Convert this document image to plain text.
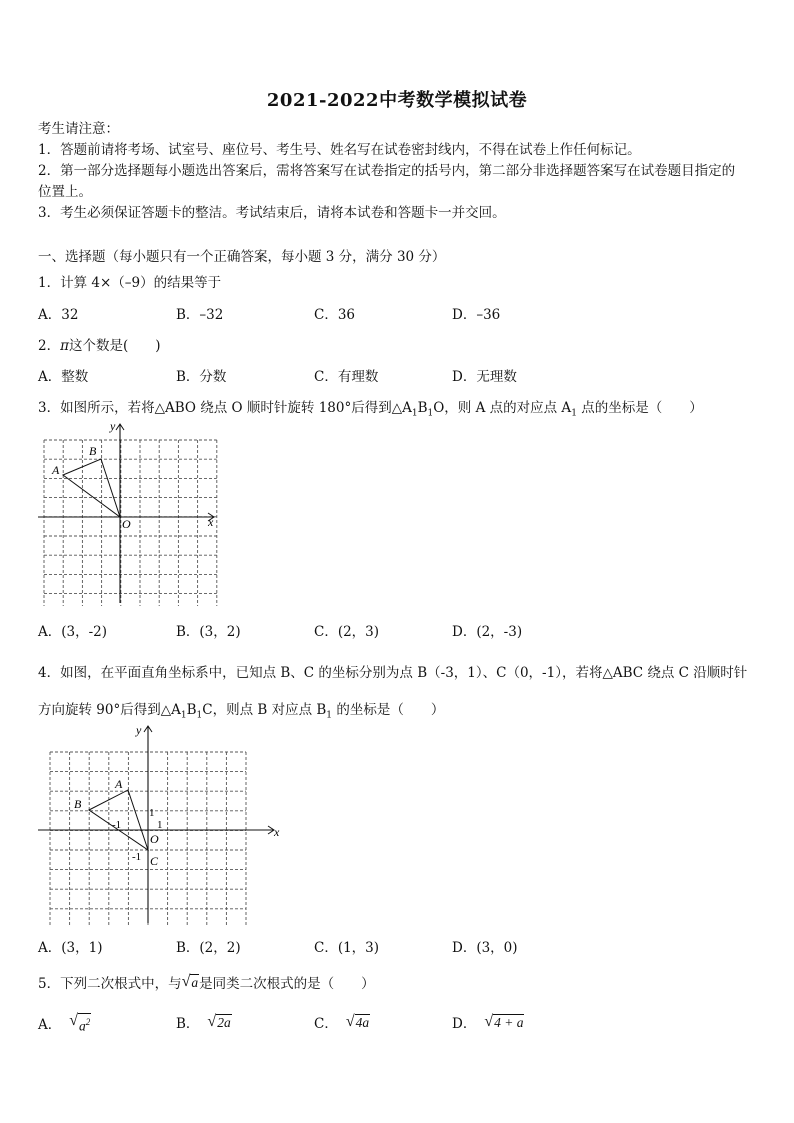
2021-2022中考数学模拟试卷
考生请注意：
1．答题前请将考场、试室号、座位号、考生号、姓名写在试卷密封线内，不得在试卷上作任何标记。
2．第一部分选择题每小题选出答案后，需将答案写在试卷指定的括号内，第二部分非选择题答案写在试卷题目指定的
位置上。
3．考生必须保证答题卡的整洁。考试结束后，请将本试卷和答题卡一并交回。
一、选择题（每小题只有一个正确答案，每小题 3 分，满分 30 分）
1．计算 4×（–9）的结果等于
A．32	B．–32	C．36	D．–36
2．π这个数是(　　)
A．整数	B．分数	C．有理数	D．无理数
3．如图所示，若将△ABO 绕点 O 顺时针旋转 180°后得到$\triangle A_1B_1O$，则 A 点的对应点 $A_1$ 点的坐标是（　　）
x
y
O
A
B
A．(3，-2)	B．(3，2)	C．(2，3)	D．(2，-3)
4．如图，在平面直角坐标系中，已知点 B、C 的坐标分别为点 B（-3，1）、C（0，-1），若将△ABC 绕点 C 沿顺时针
方向旋转 90°后得到$\triangle A_1B_1C$，则点 B 对应点 $B_1$ 的坐标是（　　）
x
y
O
A
B
C
1
1
-1
-1
A．(3，1)	B．(2，2)	C．(1，3)	D．(3，0)
5．下列二次根式中，与 √ a 是同类二次根式的是（　　）
A． √ $a^2$	B． √ 2a	C． √ 4a	D． √ 4 + a
